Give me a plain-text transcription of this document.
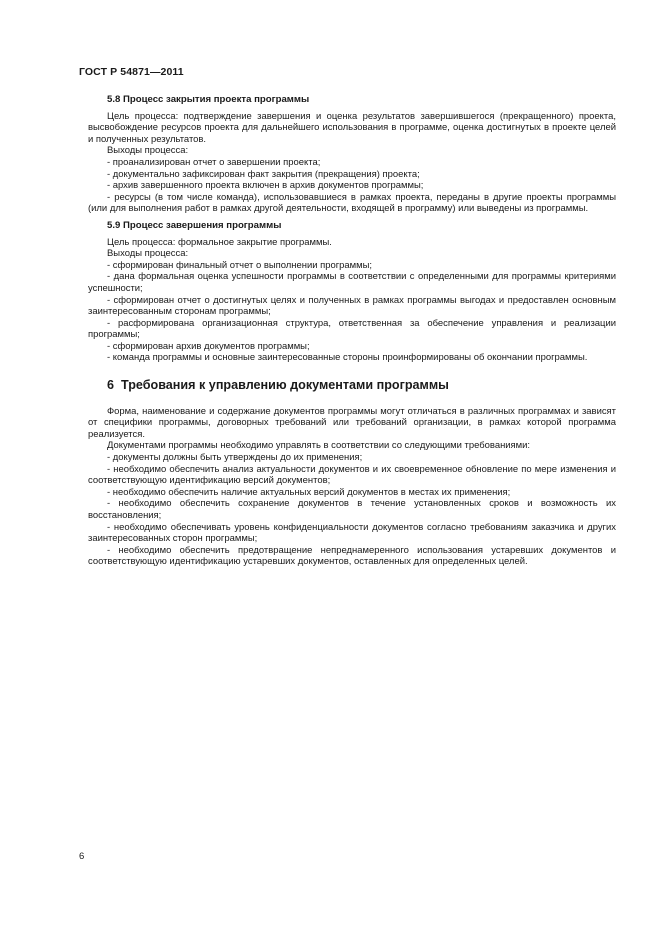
ГОСТ Р 54871—2011
5.8 Процесс закрытия проекта программы

Цель процесса: подтверждение завершения и оценка результатов завершившегося (прекращенного) проекта, высвобождение ресурсов проекта для дальнейшего использования в программе, оценка достигнутых в проекте целей и полученных результатов.

Выходы процесса:

- проанализирован отчет о завершении проекта;

- документально зафиксирован факт закрытия (прекращения) проекта;

- архив завершенного проекта включен в архив документов программы;

- ресурсы (в том числе команда), использовавшиеся в рамках проекта, переданы в другие проекты программы (или для выполнения работ в рамках другой деятельности, входящей в программу) или выведены из программы.

5.9 Процесс завершения программы

Цель процесса: формальное закрытие программы.

Выходы процесса:

- сформирован финальный отчет о выполнении программы;

- дана формальная оценка успешности программы в соответствии с определенными для программы критериями успешности;

- сформирован отчет о достигнутых целях и полученных в рамках программы выгодах и предоставлен основным заинтересованным сторонам программы;

- расформирована организационная структура, ответственная за обеспечение управления и реализации программы;

- сформирован архив документов программы;

- команда программы и основные заинтересованные стороны проинформированы об окончании программы.

6 Требования к управлению документами программы

Форма, наименование и содержание документов программы могут отличаться в различных программах и зависят от специфики программы, договорных требований или требований организации, в рамках которой программа реализуется.

Документами программы необходимо управлять в соответствии со следующими требованиями:

- документы должны быть утверждены до их применения;

- необходимо обеспечить анализ актуальности документов и их своевременное обновление по мере изменения и соответствующую идентификацию версий документов;

- необходимо обеспечить наличие актуальных версий документов в местах их применения;

- необходимо обеспечить сохранение документов в течение установленных сроков и возможность их восстановления;

- необходимо обеспечивать уровень конфиденциальности документов согласно требованиям заказчика и других заинтересованных сторон программы;

- необходимо обеспечить предотвращение непреднамеренного использования устаревших документов и соответствующую идентификацию устаревших документов, оставленных для определенных целей.

6
